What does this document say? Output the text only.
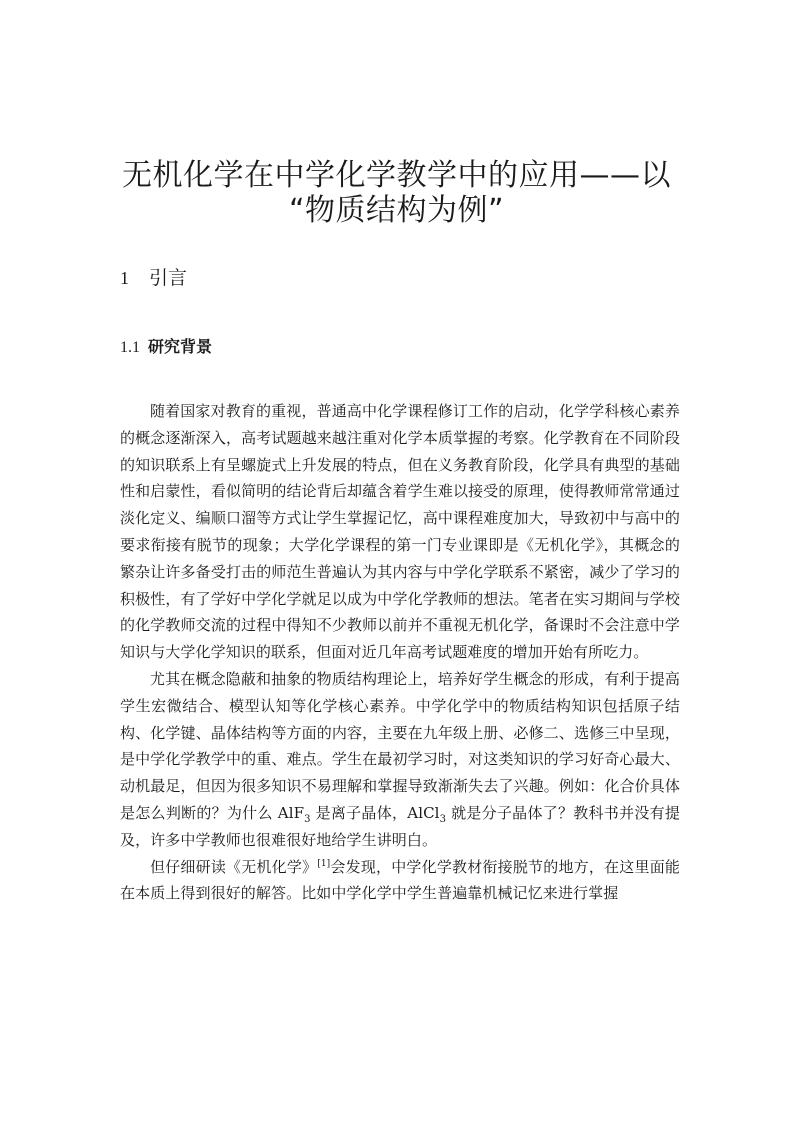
无机化学在中学化学教学中的应用——以
“物质结构为例”
1 引言
1.1 研究背景

随着国家对教育的重视，普通高中化学课程修订工作的启动，化学学科核心素养的概念逐渐深入，高考试题越来越注重对化学本质掌握的考察。化学教育在不同阶段的知识联系上有呈螺旋式上升发展的特点，但在义务教育阶段，化学具有典型的基础性和启蒙性，看似简明的结论背后却蕴含着学生难以接受的原理，使得教师常常通过淡化定义、编顺口溜等方式让学生掌握记忆，高中课程难度加大，导致初中与高中的要求衔接有脱节的现象；大学化学课程的第一门专业课即是《无机化学》，其概念的繁杂让许多备受打击的师范生普遍认为其内容与中学化学联系不紧密，减少了学习的积极性，有了学好中学化学就足以成为中学化学教师的想法。笔者在实习期间与学校的化学教师交流的过程中得知不少教师以前并不重视无机化学，备课时不会注意中学知识与大学化学知识的联系，但面对近几年高考试题难度的增加开始有所吃力。

尤其在概念隐蔽和抽象的物质结构理论上，培养好学生概念的形成，有利于提高学生宏微结合、模型认知等化学核心素养。中学化学中的物质结构知识包括原子结构、化学键、晶体结构等方面的内容，主要在九年级上册、必修二、选修三中呈现，是中学化学教学中的重、难点。学生在最初学习时，对这类知识的学习好奇心最大、动机最足，但因为很多知识不易理解和掌握导致渐渐失去了兴趣。例如：化合价具体是怎么判断的？为什么 AlF$_3$ 是离子晶体，AlCl$_3$ 就是分子晶体了？教科书并没有提及，许多中学教师也很难很好地给学生讲明白。

但仔细研读《无机化学》[1]会发现，中学化学教材衔接脱节的地方，在这里面能在本质上得到很好的解答。比如中学化学中学生普遍靠机械记忆来进行掌握
